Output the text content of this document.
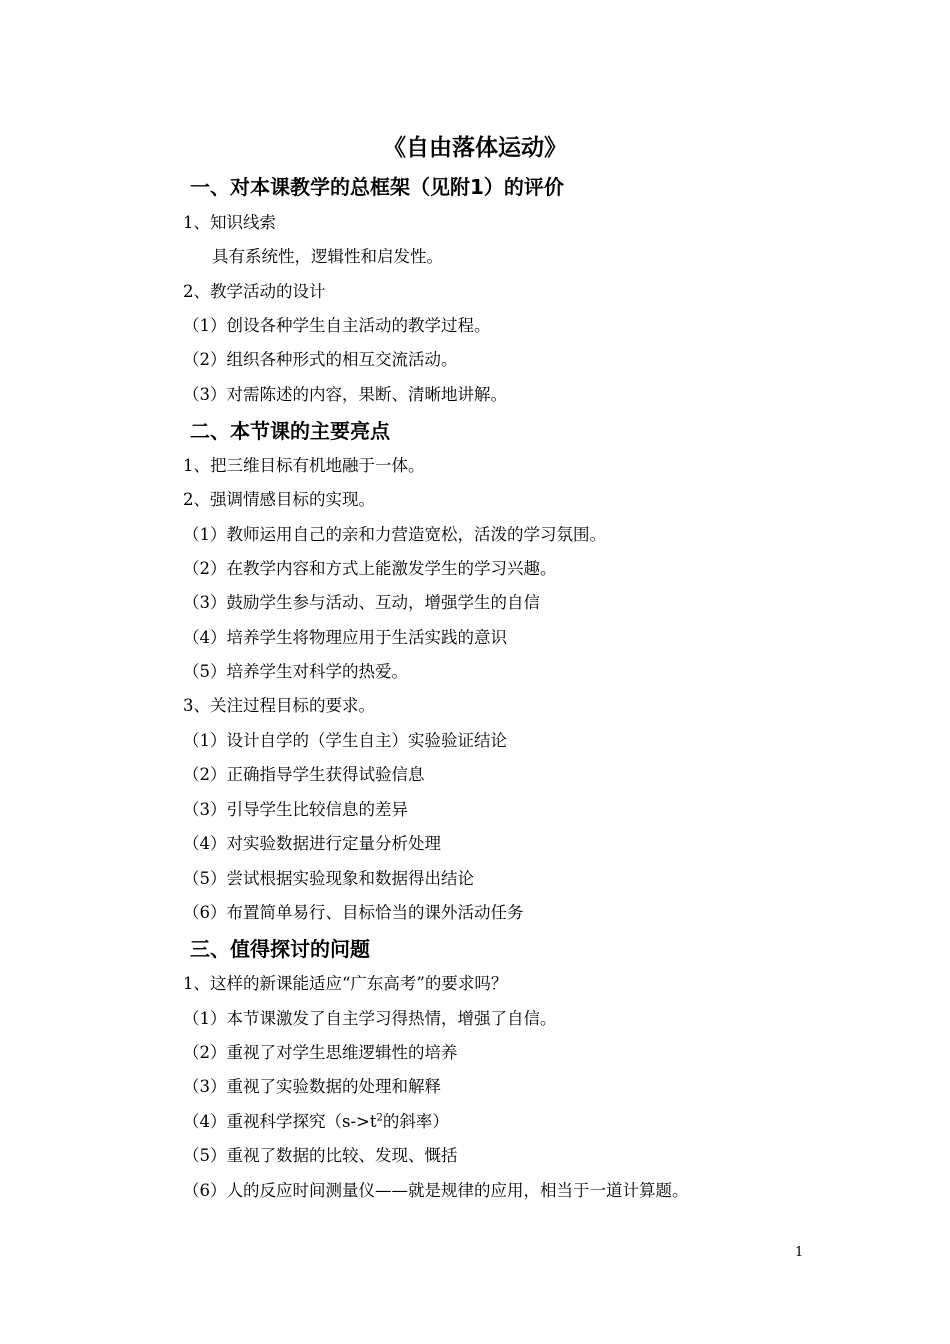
《自由落体运动》
一、对本课教学的总框架（见附1）的评价
1、知识线索
具有系统性，逻辑性和启发性。
2、教学活动的设计
（1）创设各种学生自主活动的教学过程。
（2）组织各种形式的相互交流活动。
（3）对需陈述的内容，果断、清晰地讲解。
二、本节课的主要亮点
1、把三维目标有机地融于一体。
2、强调情感目标的实现。
（1）教师运用自己的亲和力营造宽松，活泼的学习氛围。
（2）在教学内容和方式上能激发学生的学习兴趣。
（3）鼓励学生参与活动、互动，增强学生的自信
（4）培养学生将物理应用于生活实践的意识
（5）培养学生对科学的热爱。
3、关注过程目标的要求。
（1）设计自学的（学生自主）实验验证结论
（2）正确指导学生获得试验信息
（3）引导学生比较信息的差异
（4）对实验数据进行定量分析处理
（5）尝试根据实验现象和数据得出结论
（6）布置简单易行、目标恰当的课外活动任务
三、值得探讨的问题
1、这样的新课能适应“广东高考”的要求吗？
（1）本节课激发了自主学习得热情，增强了自信。
（2）重视了对学生思维逻辑性的培养
（3）重视了实验数据的处理和解释
（4）重视科学探究（$s->t^2$的斜率）
（5）重视了数据的比较、发现、慨括
（6）人的反应时间测量仪——就是规律的应用，相当于一道计算题。
1
